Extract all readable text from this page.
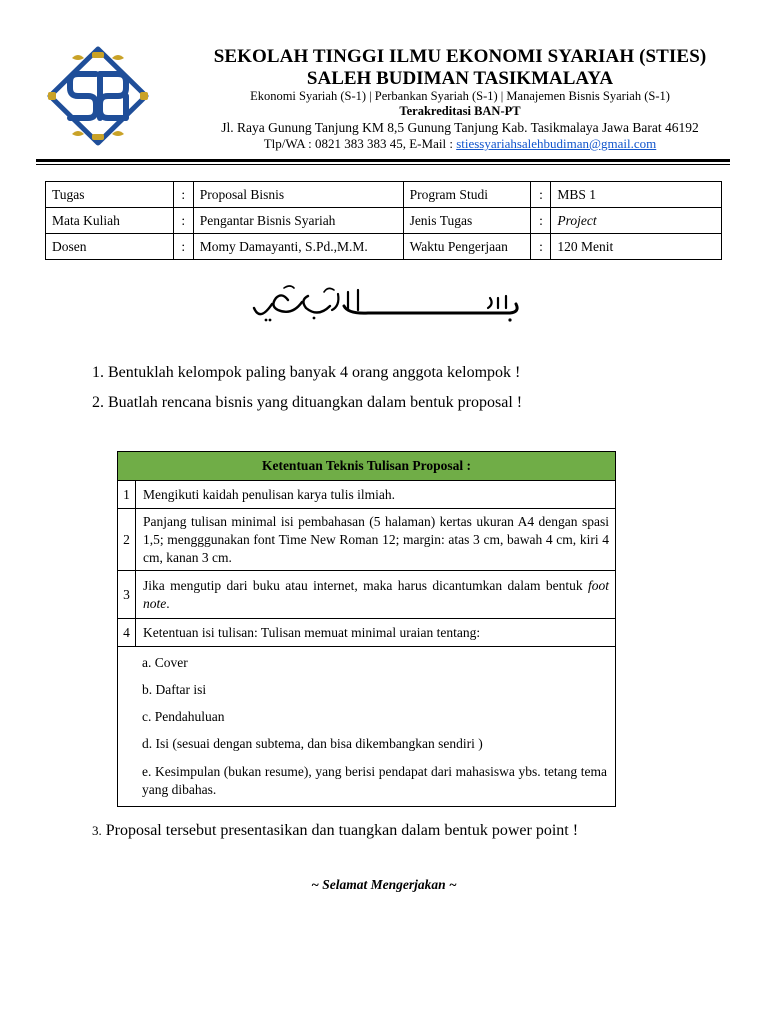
SEKOLAH TINGGI ILMU EKONOMI SYARIAH (STIES)
SALEH BUDIMAN TASIKMALAYA
Ekonomi Syariah (S-1) | Perbankan Syariah (S-1) | Manajemen Bisnis Syariah (S-1)
Terakreditasi BAN-PT
Jl. Raya Gunung Tanjung KM 8,5 Gunung Tanjung Kab. Tasikmalaya Jawa Barat 46192
Tlp/WA : 0821 383 383 45, E-Mail : stiessyariahsalehbudiman@gmail.com
Tugas	:	Proposal Bisnis	Program Studi	:	MBS 1
Mata Kuliah	:	Pengantar Bisnis Syariah	Jenis Tugas	:	Project
Dosen	:	Momy Damayanti, S.Pd.,M.M.	Waktu Pengerjaan	:	120 Menit
1. Bentuklah kelompok paling banyak 4 orang anggota kelompok !
2. Buatlah rencana bisnis yang dituangkan dalam bentuk proposal !
Ketentuan Teknis Tulisan Proposal :	
1	Mengikuti kaidah penulisan karya tulis ilmiah.
2	Panjang tulisan minimal isi pembahasan (5 halaman) kertas ukuran A4 dengan spasi 1,5; mengggunakan font Time New Roman 12; margin: atas 3 cm, bawah 4 cm, kiri 4 cm, kanan 3 cm.
3	Jika mengutip dari buku atau internet, maka harus dicantumkan dalam bentuk foot note.
4	Ketentuan isi tulisan: Tulisan memuat minimal uraian tentang:

a. Cover

b. Daftar isi

c. Pendahuluan

d. Isi (sesuai dengan subtema, dan bisa dikembangkan sendiri )

e. Kesimpulan (bukan resume), yang berisi pendapat dari mahasiswa ybs. tetang tema yang dibahas.	

3. Proposal tersebut presentasikan dan tuangkan dalam bentuk power point !
~ Selamat Mengerjakan ~
